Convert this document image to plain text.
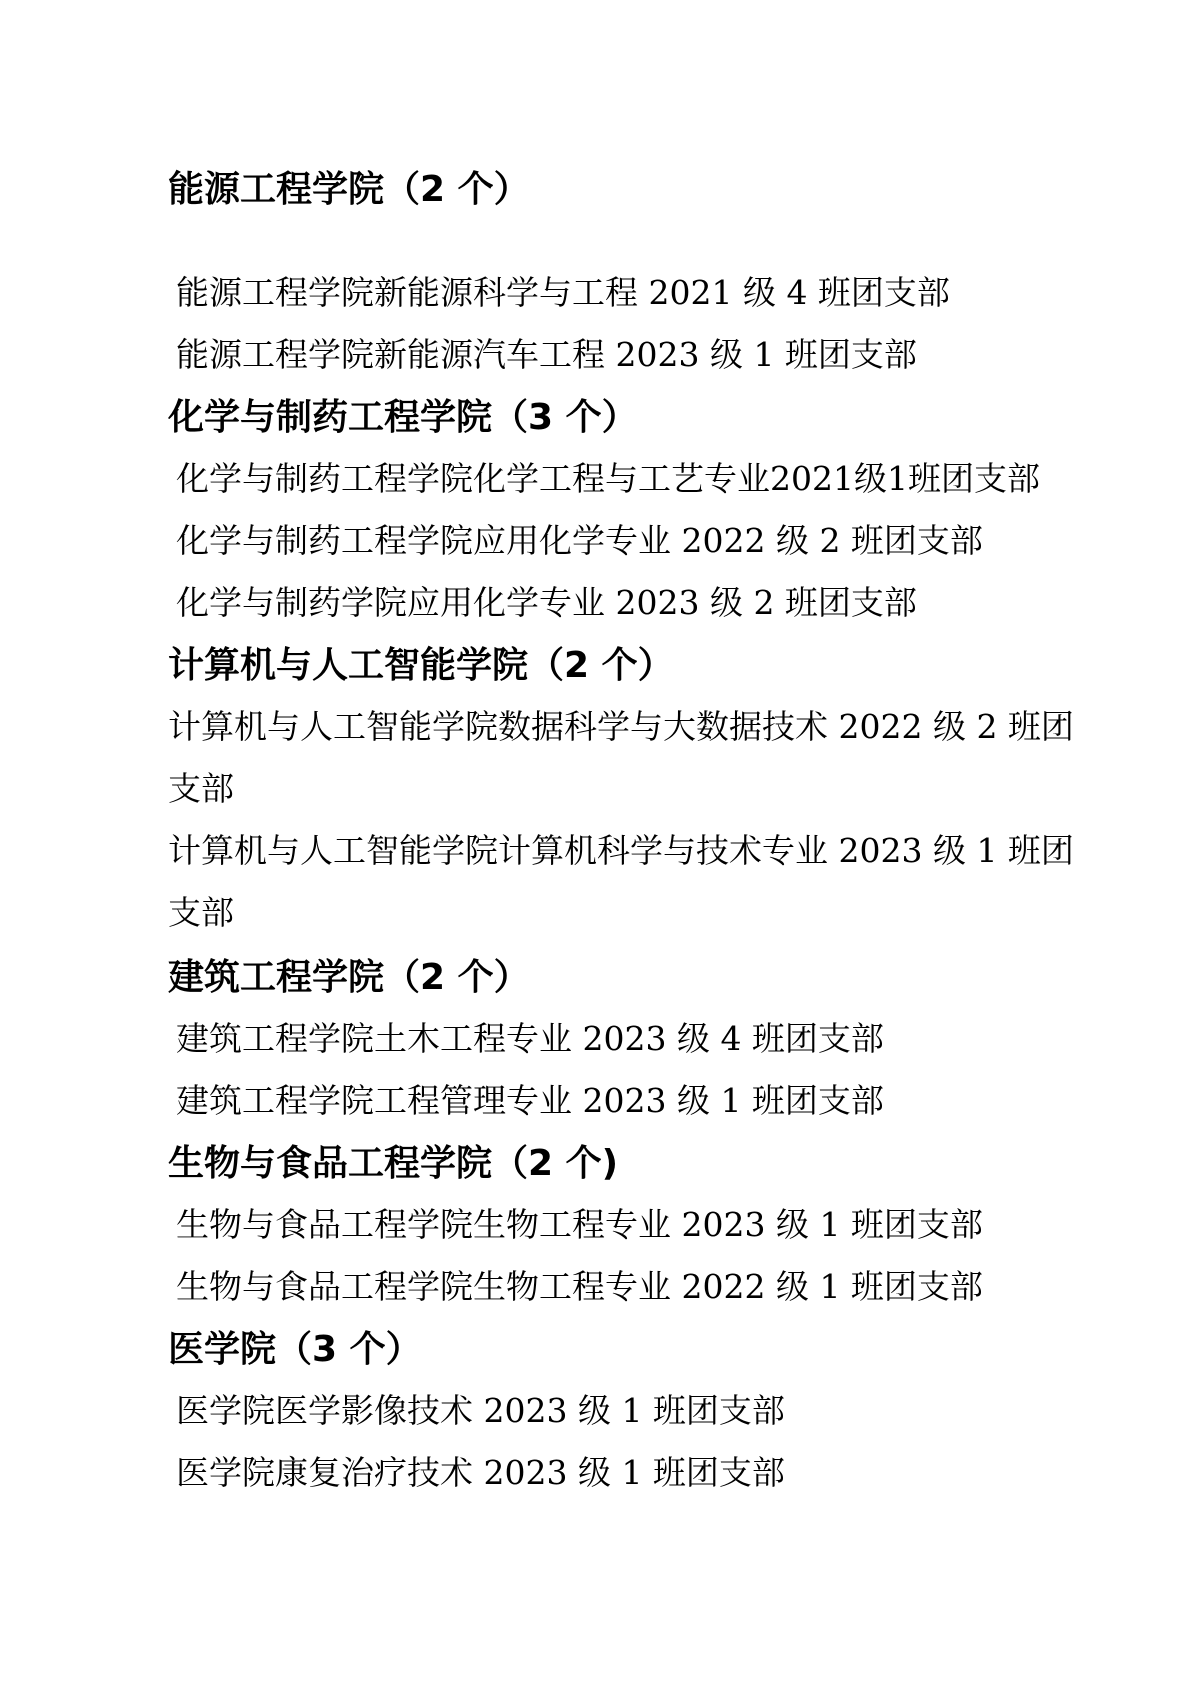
能源工程学院（2 个）
能源工程学院新能源科学与工程 2021 级 4 班团支部
能源工程学院新能源汽车工程 2023 级 1 班团支部
化学与制药工程学院（3 个）
化学与制药工程学院化学工程与工艺专业2021级1班团支部
化学与制药工程学院应用化学专业 2022 级 2 班团支部
化学与制药学院应用化学专业 2023 级 2 班团支部
计算机与人工智能学院（2 个）
计算机与人工智能学院数据科学与大数据技术 2022 级 2 班团
支部
计算机与人工智能学院计算机科学与技术专业 2023 级 1 班团
支部
建筑工程学院（2 个）
建筑工程学院土木工程专业 2023 级 4 班团支部
建筑工程学院工程管理专业 2023 级 1 班团支部
生物与食品工程学院（2 个)
生物与食品工程学院生物工程专业 2023 级 1 班团支部
生物与食品工程学院生物工程专业 2022 级 1 班团支部
医学院（3 个）
医学院医学影像技术 2023 级 1 班团支部
医学院康复治疗技术 2023 级 1 班团支部
